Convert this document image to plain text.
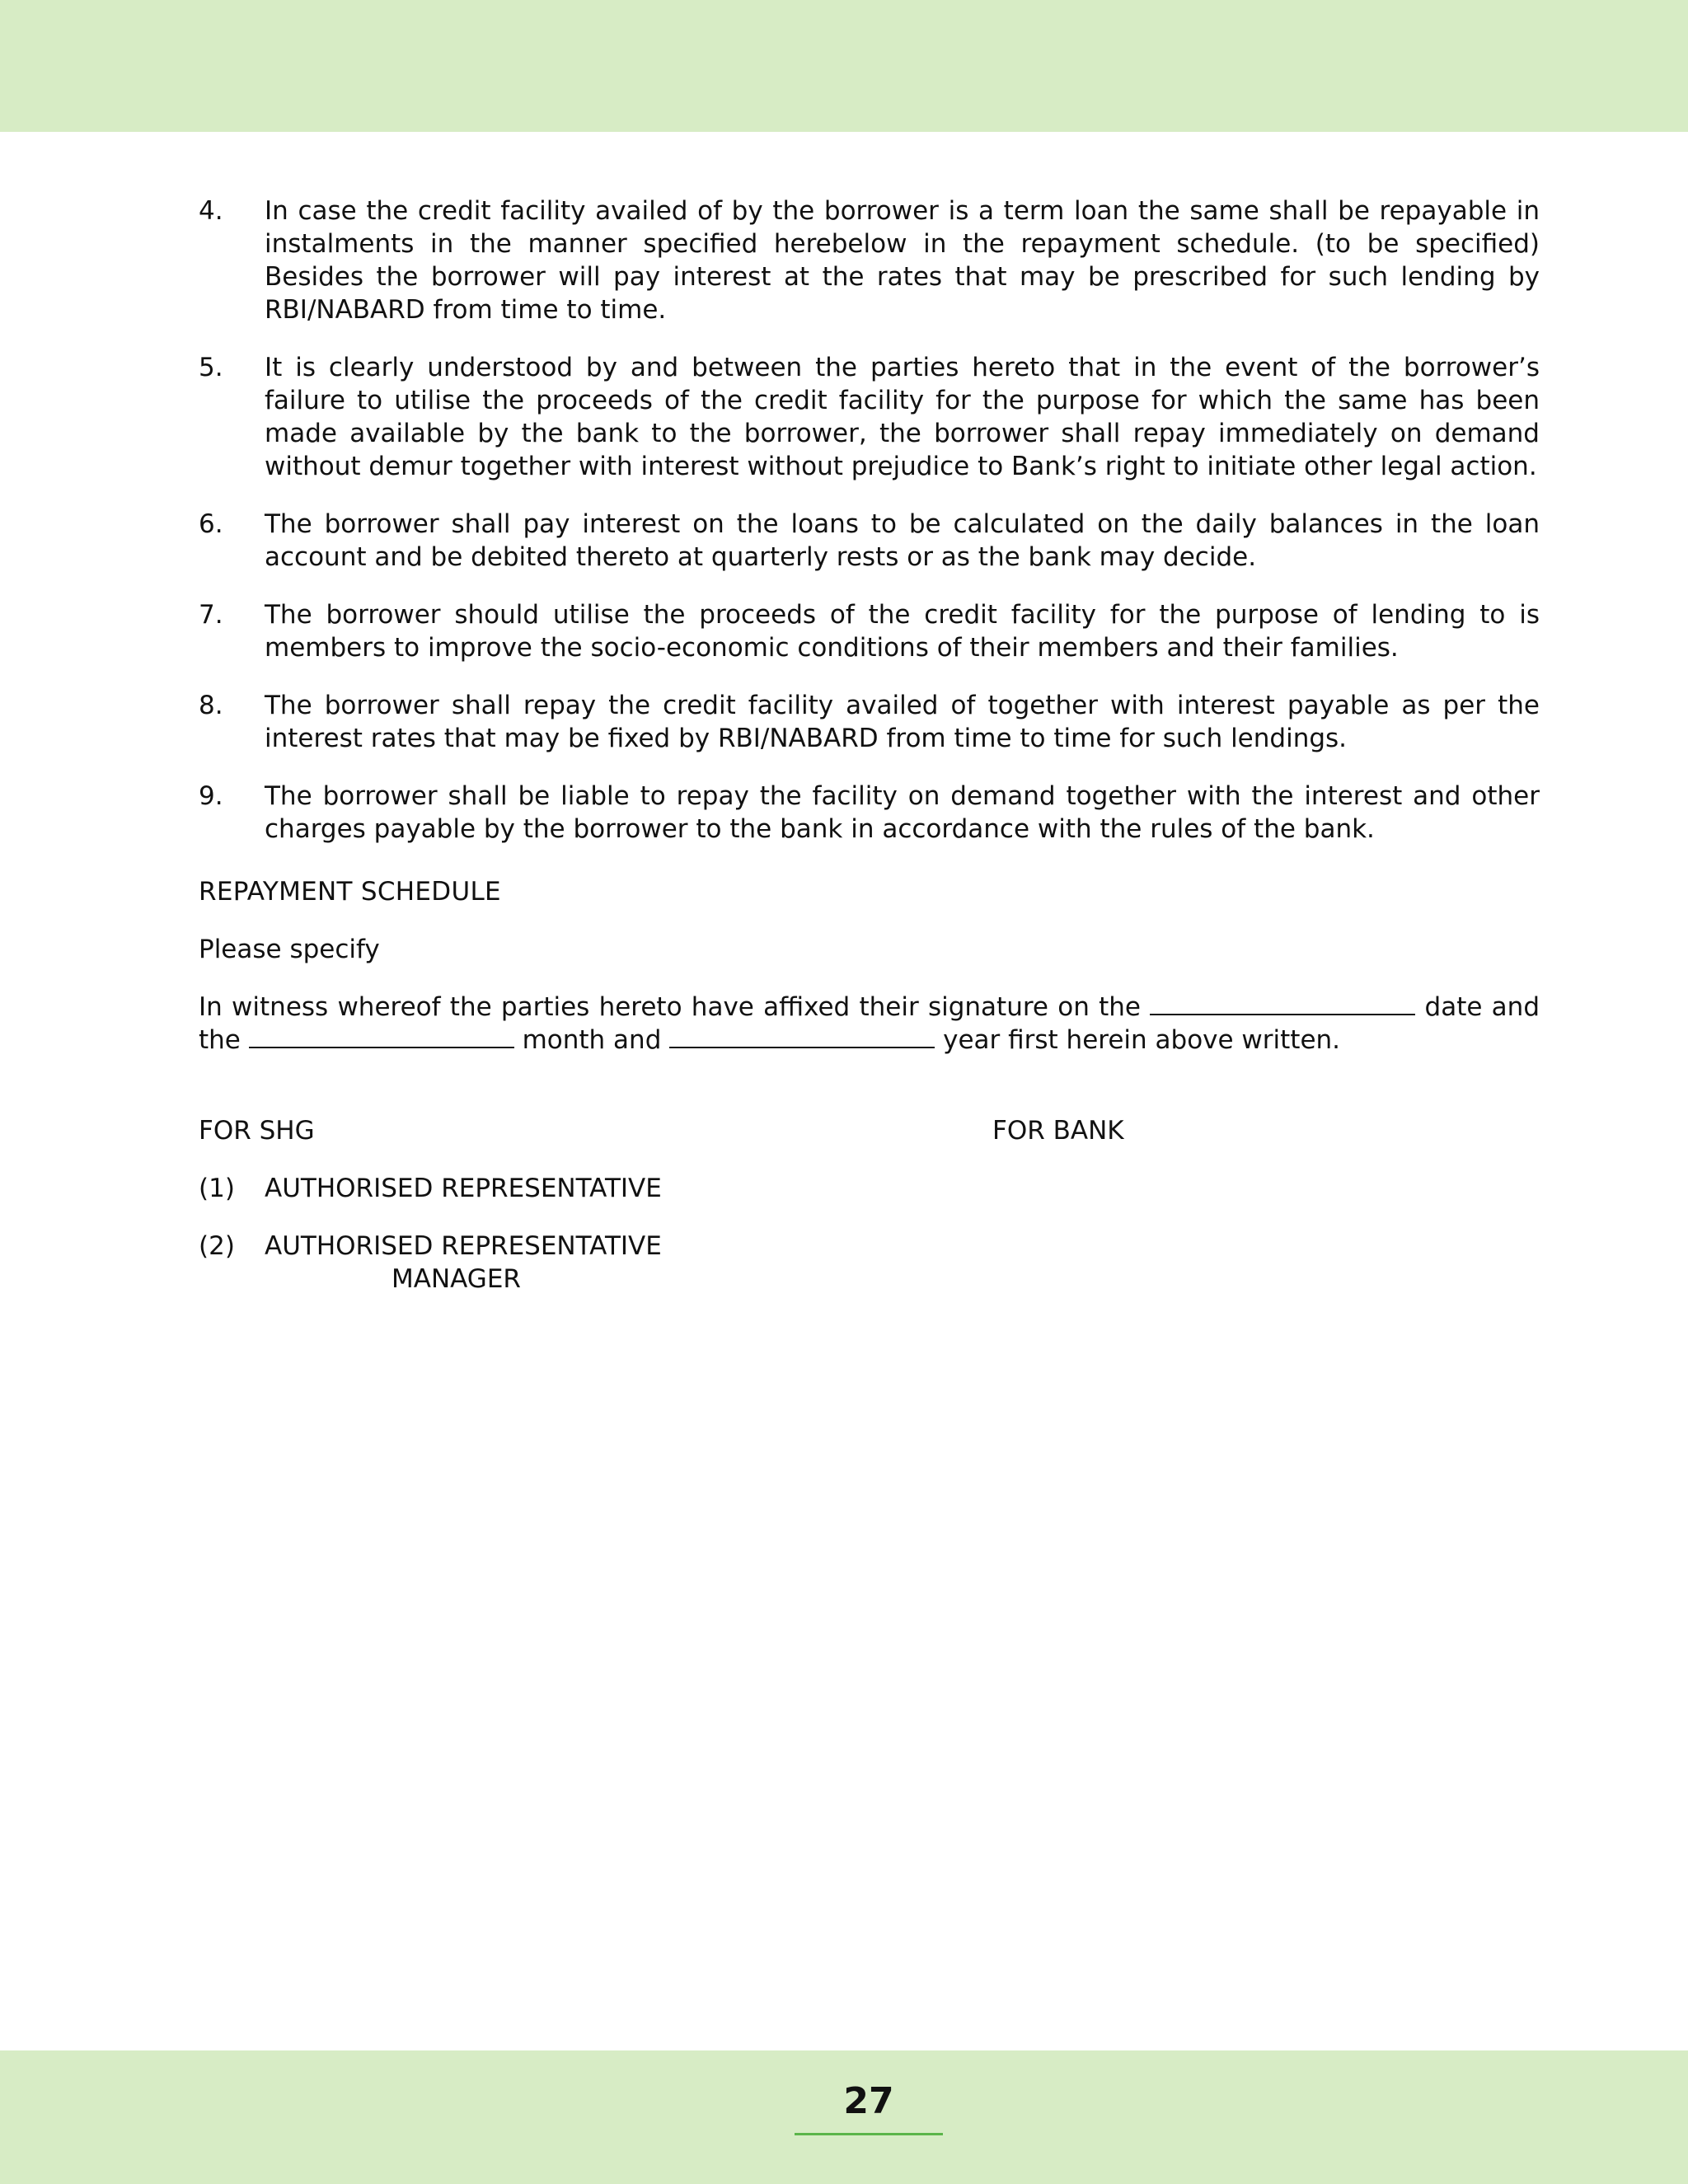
4.	In case the credit facility availed of by the borrower is a term loan the same shall be repayable in instalments in the manner specified herebelow in the repayment schedule. (to be specified) Besides the borrower will pay interest at the rates that may be prescribed for such lending by RBI/NABARD from time to time.
5.	It is clearly understood by and between the parties hereto that in the event of the borrower’s failure to utilise the proceeds of the credit facility for the purpose for which the same has been made available by the bank to the borrower, the borrower shall repay immediately on demand without demur together with interest without prejudice to Bank’s right to initiate other legal action.
6.	The borrower shall pay interest on the loans to be calculated on the daily balances in the loan account and be debited thereto at quarterly rests or as the bank may decide.
7.	The borrower should utilise the proceeds of the credit facility for the purpose of lending to is members to improve the socio-economic conditions of their members and their families.
8.	The borrower shall repay the credit facility availed of together with interest payable as per the interest rates that may be fixed by RBI/NABARD from time to time for such lendings.
9.	The borrower shall be liable to repay the facility on demand together with the interest and other charges payable by the borrower to the bank in accordance with the rules of the bank.
REPAYMENT SCHEDULE
Please specify
In witness whereof the parties hereto have affixed their signature on the	date and the	month and	year first herein above written.
FOR SHG	FOR BANK
(1)	AUTHORISED REPRESENTATIVE
(2)	AUTHORISED REPRESENTATIVE
MANAGER
27
